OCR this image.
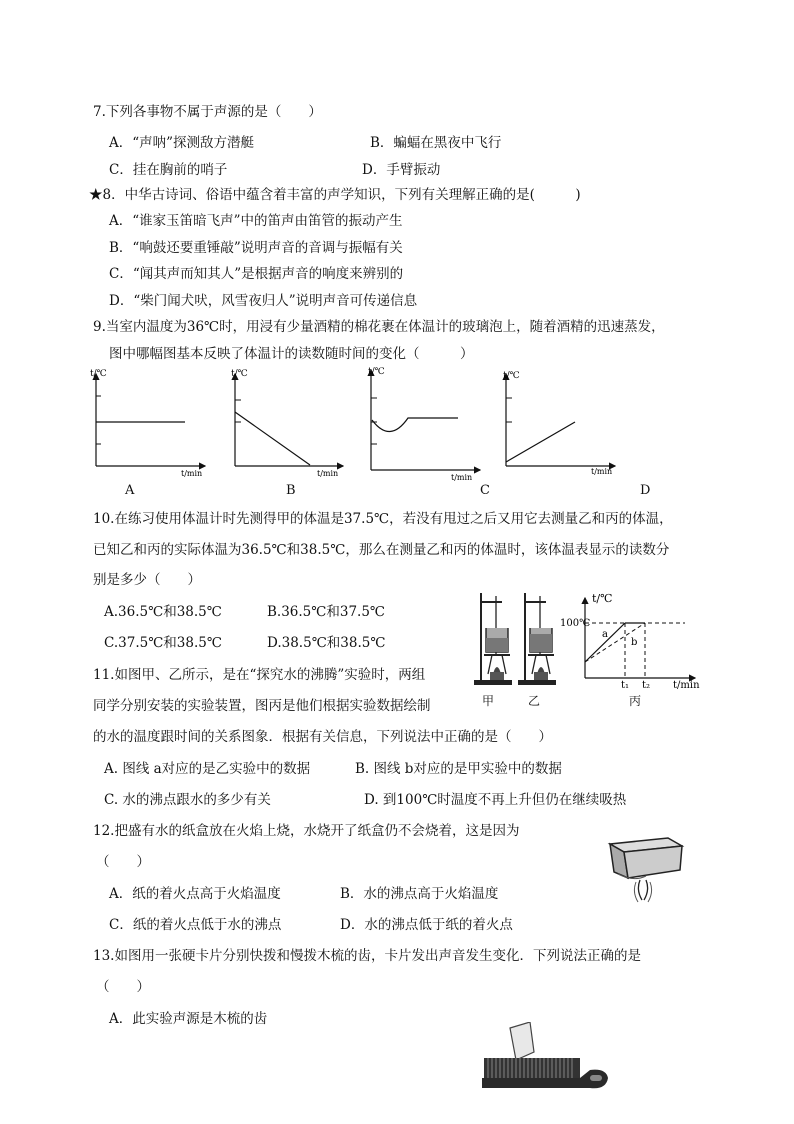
7.下列各事物不属于声源的是（　　）
A．“声呐”探测敌方潜艇	B．蝙蝠在黑夜中飞行
C．挂在胸前的哨子	D．手臂振动
★8．中华古诗词、俗语中蕴含着丰富的声学知识，下列有关理解正确的是(　　　)
A．“谁家玉笛暗飞声”中的笛声由笛管的振动产生
B．“响鼓还要重锤敲”说明声音的音调与振幅有关
C．“闻其声而知其人”是根据声音的响度来辨别的
D．“柴门闻犬吠，风雪夜归人”说明声音可传递信息
9.当室内温度为36℃时，用浸有少量酒精的棉花裹在体温计的玻璃泡上，随着酒精的迅速蒸发，
图中哪幅图基本反映了体温计的读数随时间的变化（　　　）
t/℃
t/min
t/℃
t/min
t/℃
t/min
t/℃
t/min
A	B	C	D
10.在练习使用体温计时先测得甲的体温是37.5℃，若没有甩过之后又用它去测量乙和丙的体温，
已知乙和丙的实际体温为36.5℃和38.5℃，那么在测量乙和丙的体温时，该体温表显示的读数分
别是多少（　　）
A.36.5℃和38.5℃	B.36.5℃和37.5℃
C.37.5℃和38.5℃	D.38.5℃和38.5℃
甲	乙
t/℃
100℃
a
b
t₁ t₂ t/min
丙
11.如图甲、乙所示，是在“探究水的沸腾”实验时，两组
同学分别安装的实验装置，图丙是他们根据实验数据绘制
的水的温度跟时间的关系图象．根据有关信息，下列说法中正确的是（　　）
A. 图线 a对应的是乙实验中的数据	B. 图线 b对应的是甲实验中的数据
C. 水的沸点跟水的多少有关	D. 到100℃时温度不再上升但仍在继续吸热
12.把盛有水的纸盒放在火焰上烧，水烧开了纸盒仍不会烧着，这是因为
（　　）
A．纸的着火点高于火焰温度	B．水的沸点高于火焰温度
C．纸的着火点低于水的沸点	D．水的沸点低于纸的着火点
13.如图用一张硬卡片分别快拨和慢拨木梳的齿，卡片发出声音发生变化．下列说法正确的是
（　　）
A．此实验声源是木梳的齿
